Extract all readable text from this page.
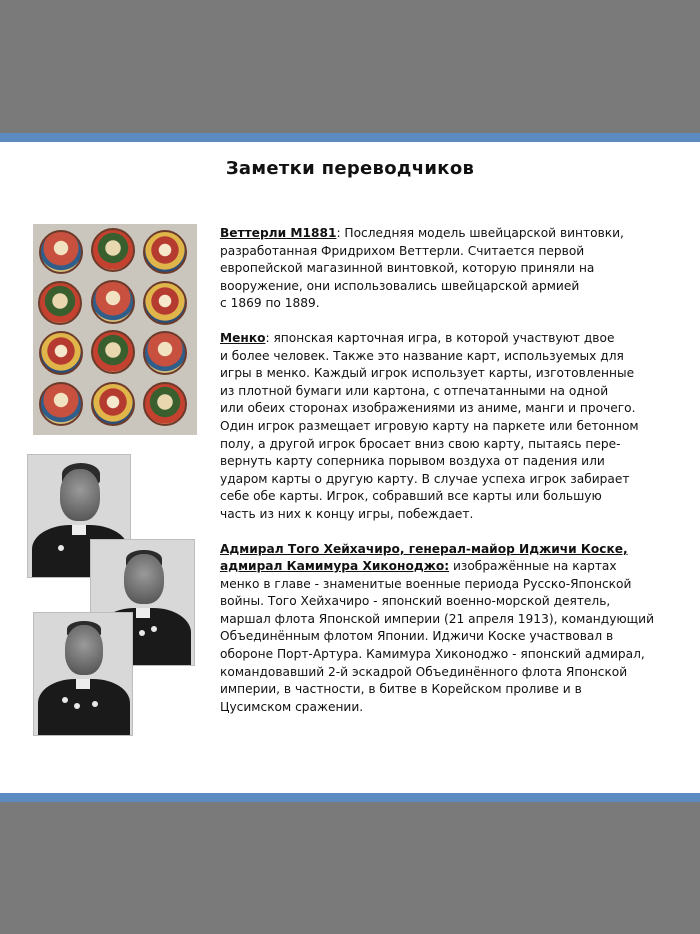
Заметки переводчиков
Веттерли М1881: Последняя модель швейцарской винтовки,
разработанная Фридрихом Веттерли. Считается первой
европейской магазинной винтовкой, которую приняли на
вооружение, они использовались швейцарской армией
с 1869 по 1889.
Менко: японская карточная игра, в которой участвуют двое
и более человек. Также это название карт, используемых для
игры в менко. Каждый игрок использует карты, изготовленные
из плотной бумаги или картона, с отпечатанными на одной
или обеих сторонах изображениями из аниме, манги и прочего.
Один игрок размещает игровую карту на паркете или бетонном
полу, а другой игрок бросает вниз свою карту, пытаясь пере-
вернуть карту соперника порывом воздуха от падения или
ударом карты о другую карту. В случае успеха игрок забирает
себе обе карты. Игрок, собравший все карты или большую
часть из них к концу игры, побеждает.
Адмирал Того Хейхачиро, генерал-майор Иджичи Коске,
адмирал Камимура Хиконоджо: изображённые на картах
менко в главе - знаменитые военные периода Русско-Японской
войны. Того Хейхачиро - японский военно-морской деятель,
маршал флота Японской империи (21 апреля 1913), командующий
Объединённым флотом Японии. Иджичи Коске участвовал в
обороне Порт-Артура. Камимура Хиконоджо - японский адмирал,
командовавший 2-й эскадрой Объединённого флота Японской
империи, в частности, в битве в Корейском проливе и в
Цусимском сражении.
